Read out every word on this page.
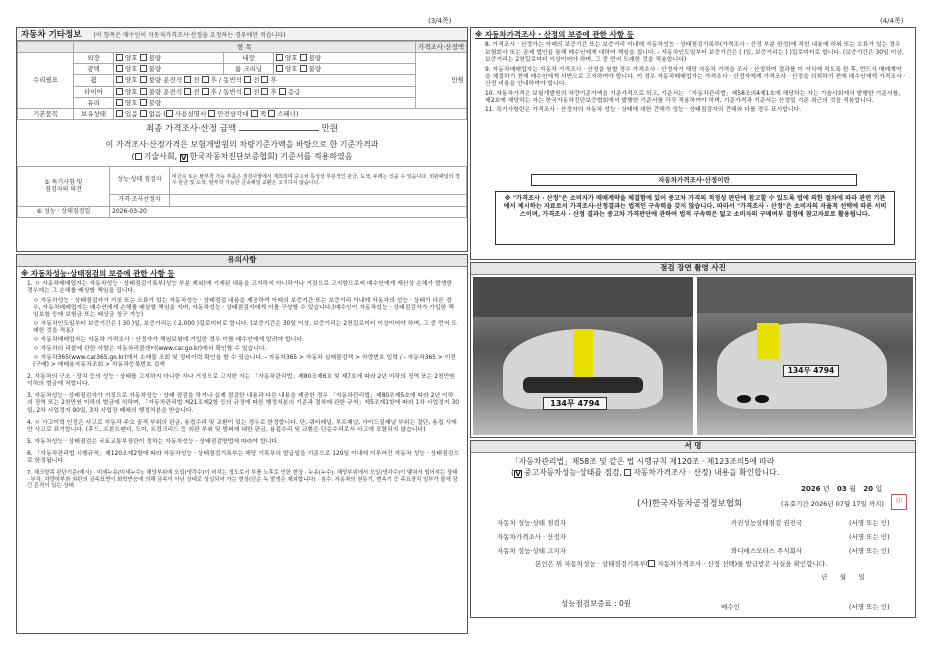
(3/4쪽)	(4/4쪽)
자동차 기타정보 (이 항목은 매수인이 자동차가격조사·산정을 요청하는 경우에만 적습니다)
	항 목				가격조사·산정액
수리필요	외장	양호 불량	내장	양호 불량	만원
	광택	양호 불량	룸 크리닝	양호 불량	
	휠	양호 불량 운전석 전 후 / 동반석 전 후			
	타이어	양호 불량 운전석 전 후 / 동반석 전 후 응급			
	유리	양호 불량			
기본품목	보유상태	있음 없음 ( 사용설명서 안전삼각대 잭 스페너)			
최종 가격조사·산정 금액	만원
이 가격조사·산정가격은 보험개발원의 차량기준가액을 바탕으로 한 기준가격과
( 기술사회, V 한국자동차진단보증협회) 기준서를 적용하였음
⑤ 특기사항 및
점검자의 의견	성능·상태 점검자	비금속 또는 탈부착 가능 부품은 점검사항에서 제외되며 중고차 특성상 부분적인 판금, 도색, 두께는 있을 수 있습니다. 외판패널의 경우 판금 및 도색, 탈부착 가능한 금속패널 교환은 고지하지 않습니다.
	가격·조사산정자	
⑥ 성능 · 상태점검일	2026-03-20	
유의사항
※ 자동차성능·상태점검의 보증에 관한 사항 등

1. ㅇ 자동차매매업자는 자동차성능 · 상태점검기록부(성능 부분 제외)에 기재된 내용을 고지하지 아니하거나 거짓으로 고지함으로써 매수인에게 재산상 손해가 발생한 경우에는 그 손해를 배상할 책임을 집니다.

ㅇ 자동차성능 · 상태점검자가 거짓 또는 오류가 있는 자동차성능 · 상태점검 내용을 제공하여 아래의 보증기간 또는 보증거리 이내에 자동차의 성능 · 상태가 다른 경우, 자동차매매업자는 매수인에게 손해를 배상할 책임을 지며, 자동차성능 · 상태점검자에게 이를 구상할 수 있습니다.(매수인이 자동차성능 · 상태점검자가 가입한 책임보험 등에 보험금 또는 배상금 청구 가능)

ㅇ 자동차인도일부터 보증기간은 ( 30 )일, 보증거리는 ( 2,000 )킬로미터로 합니다. (보증기간은 30일 이상, 보증거리는 2천킬로미터 이상이어야 하며, 그 중 먼저 도래한 것을 적용)

ㅇ 자동차매매업자는 자동차 가격조사 · 산정자가 책임보험에 가입한 경우 이를 매수인에게 알려야 합니다.

ㅇ 자동차의 리콜에 관한 사항은 자동차리콜센터(www.car.go.kr)에서 확인할 수 있습니다.

ㅇ 자동차365(www.car365.go.kr)에서 소매물 조회 및 정비이력 확인을 할 수 있습니다. - 자동차365 > 자동차 실매물검색 > 차량번호 입력 / - 자동차365 > 이전(구매) > 매매용자동차조회 > 자동차등록번호 검색

2. 자동차의 구조 · 장치 등의 성능 · 상태를 고지하지 아니한 자나 거짓으로 고지한 자는 「자동차관리법」제80조제6호 및 제7호에 따라 2년 이하의 징역 또는 2천만원 이하의 벌금에 처합니다.

3. 자동차성능 · 상태점검자가 거짓으로 자동차성능 · 상태 점검을 하거나 실제 점검한 내용과 다른 내용을 제공한 경우 「자동차관리법」제80조제5호에 따라 2년 이하의 징역 또는 2천만원 이하의 벌금에 처하며, 「자동차관리법 제21조제2항 등의 규정에 따른 행정처분의 기준과 절차에 관한 규칙」제5조제1항에 따라 1차 사업정지 30일, 2차 사업정지 90일, 3차 사업장 폐쇄의 행정처분을 받습니다.

4. ㅇ 사고이력 인정은 사고로 자동차 주요 골격 부위의 판금, 용접수리 및 교환이 있는 경우로 한정합니다. 단, 쿼터패널, 루프패널, 사이드실패널 부위는 절단, 용접 시에만 사고로 표기합니다. (후드, 프론트펜더, 도어, 트렁크리드 등 외판 부위 및 범퍼에 대한 판금, 용접수리 및 교환은 단순수리로서 사고에 포함되지 않습니다)

5. 자동차성능 · 상태점검은 국토교통부장관이 정하는 자동차성능 · 상태점검방법에 따라야 합니다.

6. 「자동차관리법 시행규칙」제120조제2항에 따라 자동차성능 · 상태점검기록부는 해당 기록부의 발급일을 기준으로 120일 이내에 이루어진 자동차 성능 · 상태점검으로 한정됩니다.

7. 체크항목 판단기준(예시) · 미세누유(미세누수): 해당부위에 오일(냉각수)이 비치는 정도로서 부품 노후로 인한 현상 · 누유(누수): 해당부위에서 오일(냉각수)이 맺혀서 떨어지는 상태 · 부식: 차량하부와 외판의 금속표면이 화학반응에 의해 금속이 아닌 상태로 상실되어 가는 현상(단순 녹 발생은 제외합니다) · 침수: 자동차의 원동기, 변속기 등 주요장치 일부가 물에 잠긴 흔적이 있는 상태

※ 자동차가격조사 · 산정의 보증에 관한 사항 등

8. 가격조사 · 산정가는 아래의 보증기간 또는 보증거리 이내에 자동차성능 · 상태점검기록부(가격조사 · 산정 부분 한정)에 적힌 내용에 허위 또는 오류가 있는 경우 보험회사 또는 공제 법인을 통해 매수인에게 대하여 책임을 집니다. - 자동차인도일부터 보증기간은 ( )일, 보증거리는 ( )킬로미터로 합니다. (보증기간은 30일 이상, 보증거리는 2천킬로미터 이상이어야 하며, 그 중 먼저 도래한 것을 적용합니다)

9. 자동차매매업자는 자동차 가격조사 · 산정을 원할 경우 가격조사 · 산정자가 해당 자동차 가격을 조사 · 산정하여 결과를 이 서식에 적도록 한 후, 반드시 매매계약을 체결하기 전에 매수인에게 서면으로 고지하여야 합니다. 이 경우 자동차매매업자는 가격조사 · 산정자에게 가격조사 · 산정을 의뢰하기 전에 매수인에게 가격조사 · 산정 비용을 안내하여야 합니다.

10. 자동차가격은 보험개발원의 차량기준가액을 기준가격으로 하고, 기준서는 「자동차관리법」제58조의4제1호에 해당하는 자는 기술사회에서 발행한 기준서를, 제2호에 해당하는 자는 한국자동차진단보증협회에서 발행한 기준서를 각각 적용하여야 하며, 기준가격과 기준서는 산정일 기준 최근의 것을 적용합니다.

11. 특기사항란은 가격조사 · 산정자의 자동차 성능 · 상태에 대한 견해가 성능 · 상태점검자의 견해와 다를 경우 표시합니다.

자동차가격조사·산정이란
※ "가격조사 · 산정"은 소비자가 매매계약을 체결함에 있어 중고차 가격의 적정성 판단에 참고할 수 있도록 법에 의한 절차에 따라 관련 기관에서 제시하는 자료로서 가격조사·산정결과는 법적인 구속력을 갖지 않습니다. 따라서 "가격조사 · 산정"은 소비자의 자율적 선택에 따른 서비스이며, 가격조사 · 산정 결과는 중고차 가격판단에 관하여 법적 구속력은 없고 소비자의 구매여부 결정에 참고자료로 활용됩니다.
점검 장면 촬영 사진
134무 4794
134무 4794
서 명
「자동차관리법」제58조 및 같은 법 시행규칙 제120조 · 제123조의5에 따라
(V 중고자동차성능·상태를 점검, 자동차가격조사 · 산정) 내용을 확인합니다.
2026 년 03 월 20 일
(사)한국자동차공정정보협회	(유효기간 2026년 07월 17일 까지)	印
자동차 성능·상태 점검자	카진성능상태점검 권진국	(서명 또는 인)
자동차가격조사 · 산정자	(서명 또는 인)
자동차 성능·상태 고지자	와디에스모터스 주식회사	(서명 또는 인)
본인은 위 자동차성능 · 상태점검기록부( 자동차가격조사 · 산정 선택)를 발급받은 사실을 확인합니다.
년 월 일
성능점검보증료 : 0원	매수인	(서명 또는 인)
